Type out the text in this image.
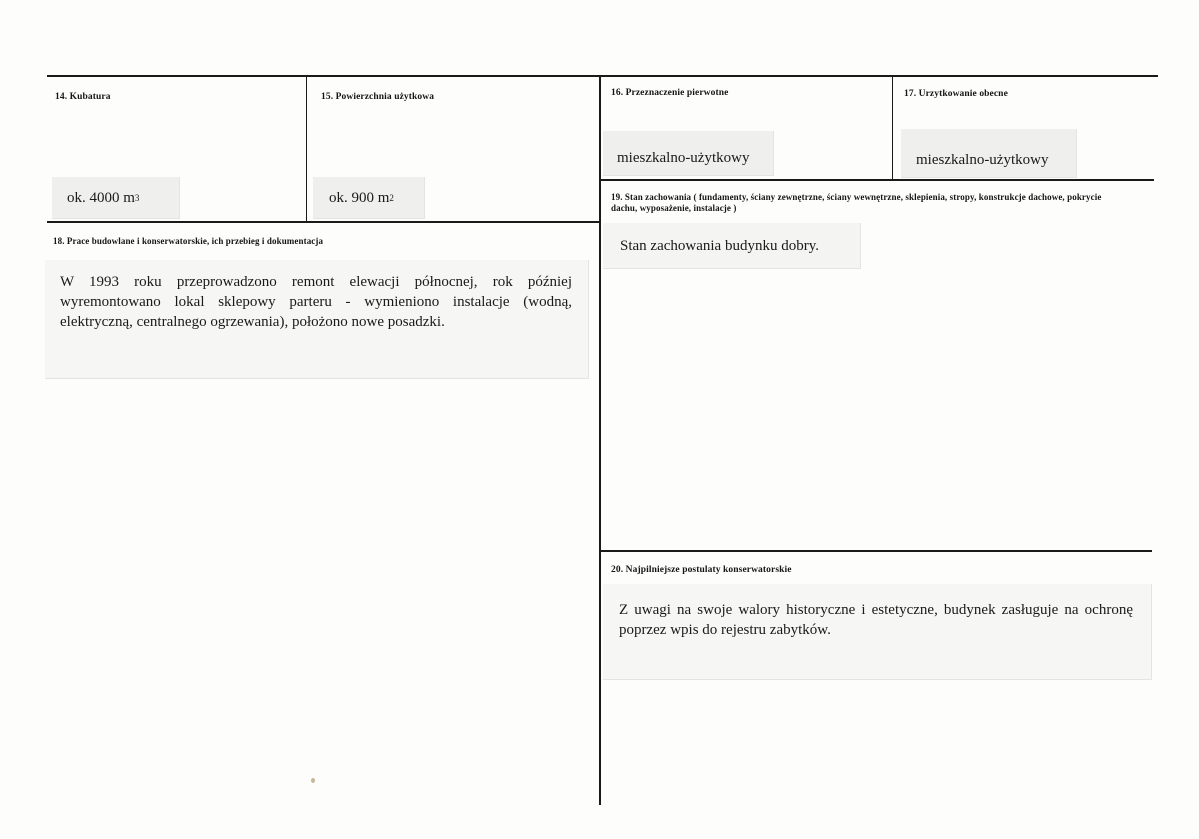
14. Kubatura
ok. 4000 m 3
15. Powierzchnia użytkowa
ok. 900 m 2
16. Przeznaczenie pierwotne
mieszkalno-użytkowy
17. Urzytkowanie obecne
mieszkalno-użytkowy
19. Stan zachowania ( fundamenty, ściany zewnętrzne, ściany wewnętrzne, sklepienia, stropy, konstrukcje dachowe, pokrycie dachu, wyposażenie, instalacje )
Stan zachowania budynku dobry.
18. Prace budowlane i konserwatorskie, ich przebieg i dokumentacja
W 1993 roku przeprowadzono remont elewacji północnej, rok później wyremontowano lokal sklepowy parteru - wymieniono instalacje (wodną, elektryczną, centralnego ogrzewania), położono nowe posadzki.
20. Najpilniejsze postulaty konserwatorskie
Z uwagi na swoje walory historyczne i estetyczne, budynek zasługuje na ochronę poprzez wpis do rejestru zabytków.
